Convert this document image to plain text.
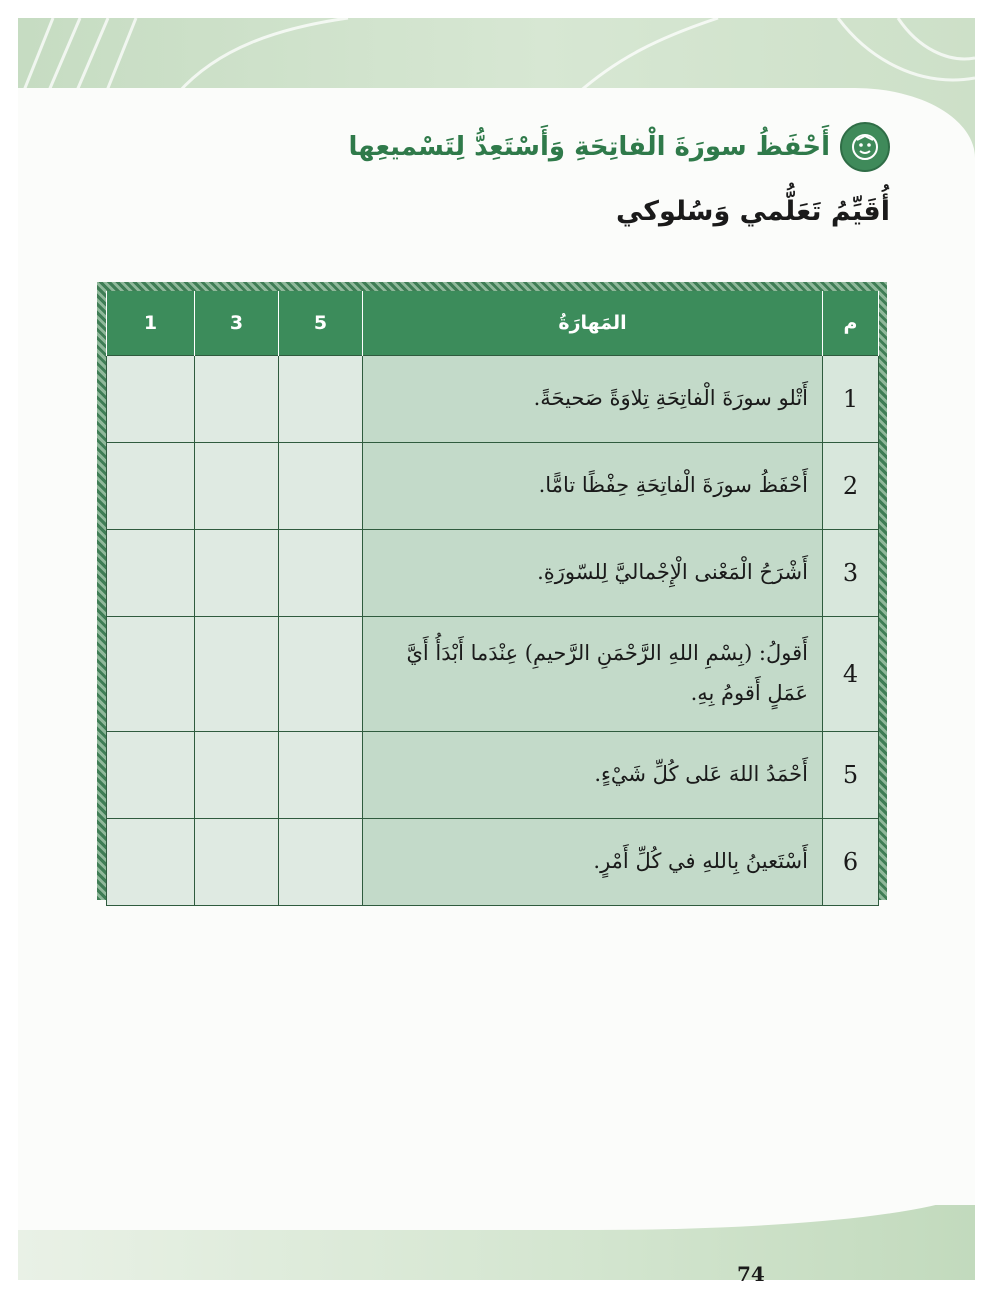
أَحْفَظُ سورَةَ الْفاتِحَةِ وَأَسْتَعِدُّ لِتَسْميعِها
أُقَيِّمُ تَعَلُّمي وَسُلوكي
م	المَهارَةُ	5	3	1
1	أَتْلو سورَةَ الْفاتِحَةِ تِلاوَةً صَحيحَةً.			
2	أَحْفَظُ سورَةَ الْفاتِحَةِ حِفْظًا تامًّا.			
3	أَشْرَحُ الْمَعْنى الْإِجْماليَّ لِلسّورَةِ.			
4	أَقولُ: (بِسْمِ اللهِ الرَّحْمَنِ الرَّحيمِ) عِنْدَما أَبْدَأُ أَيَّ عَمَلٍ أَقومُ بِهِ.			
5	أَحْمَدُ اللهَ عَلى كُلِّ شَيْءٍ.			
6	أَسْتَعينُ بِاللهِ في كُلِّ أَمْرٍ.			
74
